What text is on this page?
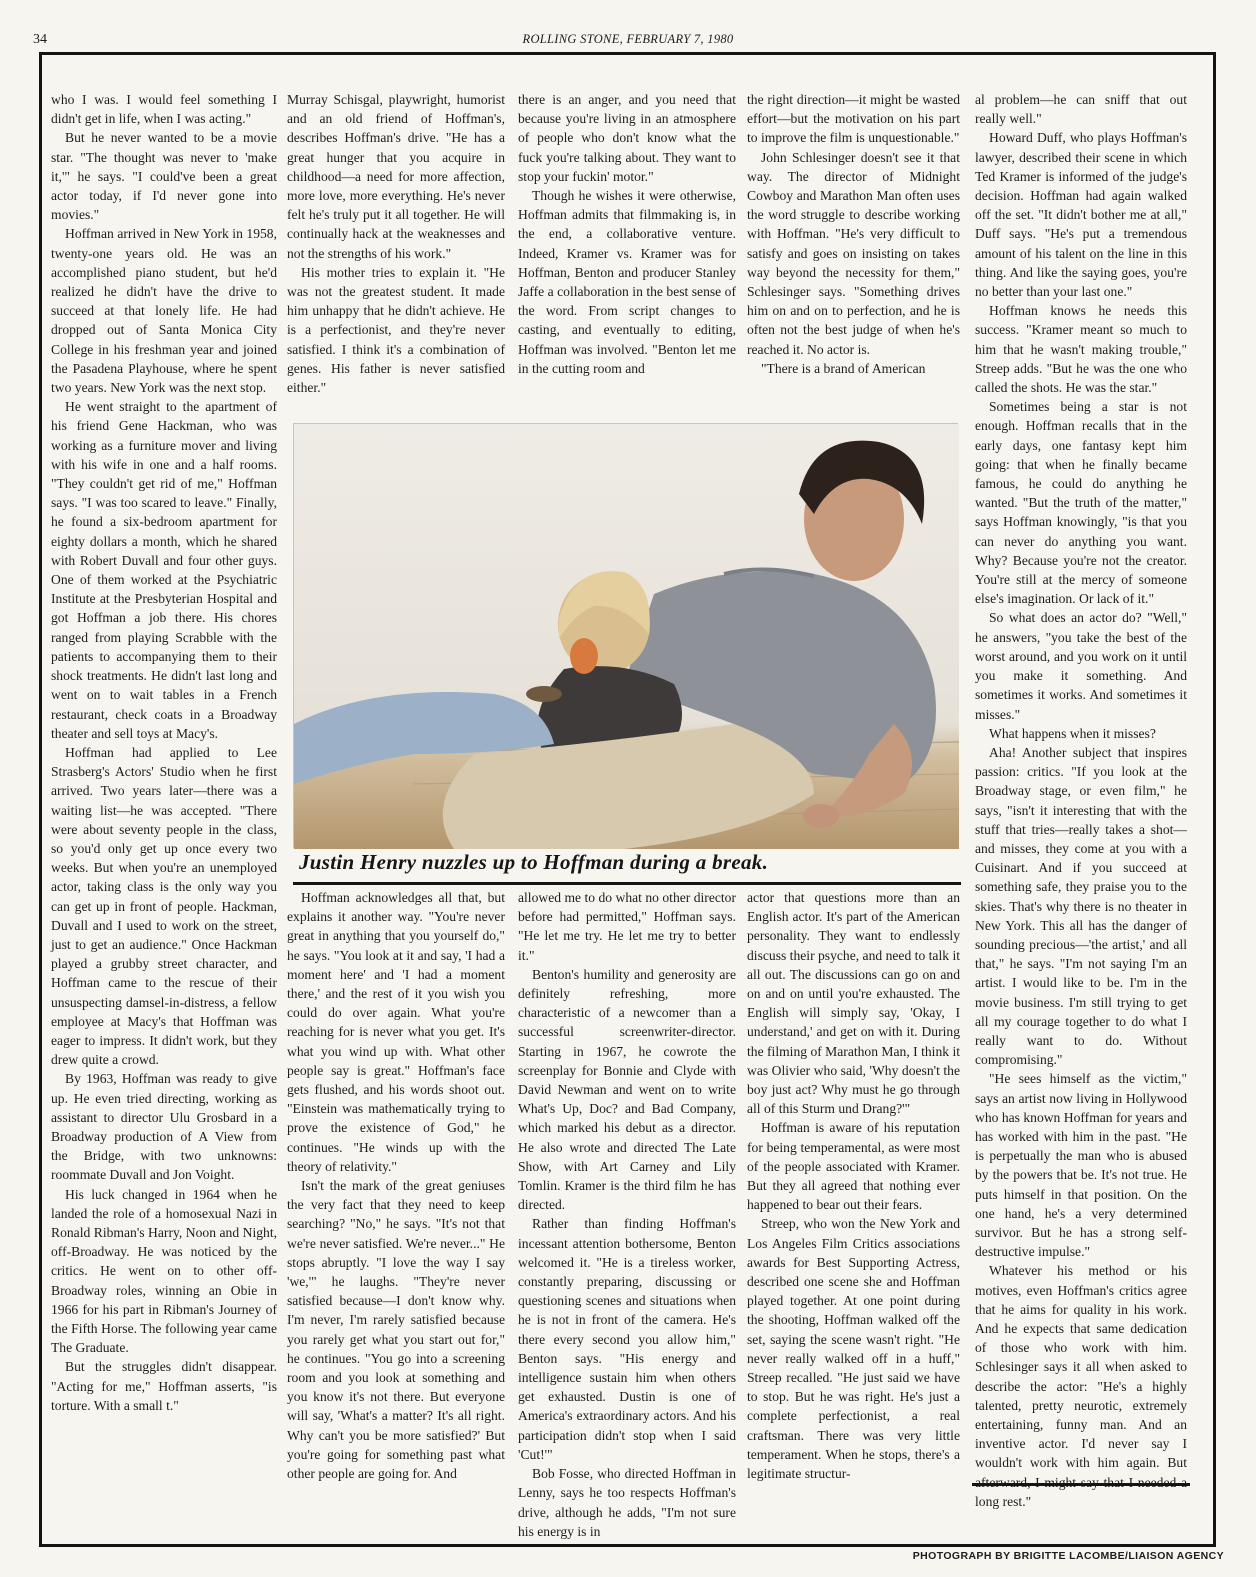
34	ROLLING STONE, FEBRUARY 7, 1980

who I was. I would feel something I didn't get in life, when I was acting."

But he never wanted to be a movie star. "The thought was never to 'make it,'" he says. "I could've been a great actor today, if I'd never gone into movies."

Hoffman arrived in New York in 1958, twenty-one years old. He was an accomplished piano student, but he'd realized he didn't have the drive to succeed at that lonely life. He had dropped out of Santa Monica City College in his freshman year and joined the Pasadena Playhouse, where he spent two years. New York was the next stop.

He went straight to the apartment of his friend Gene Hackman, who was working as a furniture mover and living with his wife in one and a half rooms. "They couldn't get rid of me," Hoffman says. "I was too scared to leave." Finally, he found a six-bedroom apartment for eighty dollars a month, which he shared with Robert Duvall and four other guys. One of them worked at the Psychiatric Institute at the Presbyterian Hospital and got Hoffman a job there. His chores ranged from playing Scrabble with the patients to accompanying them to their shock treatments. He didn't last long and went on to wait tables in a French restaurant, check coats in a Broadway theater and sell toys at Macy's.

Hoffman had applied to Lee Strasberg's Actors' Studio when he first arrived. Two years later—there was a waiting list—he was accepted. "There were about seventy people in the class, so you'd only get up once every two weeks. But when you're an unemployed actor, taking class is the only way you can get up in front of people. Hackman, Duvall and I used to work on the street, just to get an audience." Once Hackman played a grubby street character, and Hoffman came to the rescue of their unsuspecting damsel-in-distress, a fellow employee at Macy's that Hoffman was eager to impress. It didn't work, but they drew quite a crowd.

By 1963, Hoffman was ready to give up. He even tried directing, working as assistant to director Ulu Grosbard in a Broadway production of A View from the Bridge, with two unknowns: roommate Duvall and Jon Voight.

His luck changed in 1964 when he landed the role of a homosexual Nazi in Ronald Ribman's Harry, Noon and Night, off-Broadway. He was noticed by the critics. He went on to other off-Broadway roles, winning an Obie in 1966 for his part in Ribman's Journey of the Fifth Horse. The following year came The Graduate.

But the struggles didn't disappear. "Acting for me," Hoffman asserts, "is torture. With a small t."

Murray Schisgal, playwright, humorist and an old friend of Hoffman's, describes Hoffman's drive. "He has a great hunger that you acquire in childhood—a need for more affection, more love, more everything. He's never felt he's truly put it all together. He will continually hack at the weaknesses and not the strengths of his work."

His mother tries to explain it. "He was not the greatest student. It made him unhappy that he didn't achieve. He is a perfectionist, and they're never satisfied. I think it's a combination of genes. His father is never satisfied either."

there is an anger, and you need that because you're living in an atmosphere of people who don't know what the fuck you're talking about. They want to stop your fuckin' motor."

Though he wishes it were otherwise, Hoffman admits that filmmaking is, in the end, a collaborative venture. Indeed, Kramer vs. Kramer was for Hoffman, Benton and producer Stanley Jaffe a collaboration in the best sense of the word. From script changes to casting, and eventually to editing, Hoffman was involved. "Benton let me in the cutting room and

the right direction—it might be wasted effort—but the motivation on his part to improve the film is unquestionable."

John Schlesinger doesn't see it that way. The director of Midnight Cowboy and Marathon Man often uses the word struggle to describe working with Hoffman. "He's very difficult to satisfy and goes on insisting on takes way beyond the necessity for them," Schlesinger says. "Something drives him on and on to perfection, and he is often not the best judge of when he's reached it. No actor is.

"There is a brand of American

al problem—he can sniff that out really well."

Howard Duff, who plays Hoffman's lawyer, described their scene in which Ted Kramer is informed of the judge's decision. Hoffman had again walked off the set. "It didn't bother me at all," Duff says. "He's put a tremendous amount of his talent on the line in this thing. And like the saying goes, you're no better than your last one."

Hoffman knows he needs this success. "Kramer meant so much to him that he wasn't making trouble," Streep adds. "But he was the one who called the shots. He was the star."

Sometimes being a star is not enough. Hoffman recalls that in the early days, one fantasy kept him going: that when he finally became famous, he could do anything he wanted. "But the truth of the matter," says Hoffman knowingly, "is that you can never do anything you want. Why? Because you're not the creator. You're still at the mercy of someone else's imagination. Or lack of it."

So what does an actor do? "Well," he answers, "you take the best of the worst around, and you work on it until you make it something. And sometimes it works. And sometimes it misses."

What happens when it misses?

Aha! Another subject that inspires passion: critics. "If you look at the Broadway stage, or even film," he says, "isn't it interesting that with the stuff that tries—really takes a shot—and misses, they come at you with a Cuisinart. And if you succeed at something safe, they praise you to the skies. That's why there is no theater in New York. This all has the danger of sounding precious—'the artist,' and all that," he says. "I'm not saying I'm an artist. I would like to be. I'm in the movie business. I'm still trying to get all my courage together to do what I really want to do. Without compromising."

"He sees himself as the victim," says an artist now living in Hollywood who has known Hoffman for years and has worked with him in the past. "He is perpetually the man who is abused by the powers that be. It's not true. He puts himself in that position. On the one hand, he's a very determined survivor. But he has a strong self-destructive impulse."

Whatever his method or his motives, even Hoffman's critics agree that he aims for quality in his work. And he expects that same dedication of those who work with him. Schlesinger says it all when asked to describe the actor: "He's a highly talented, pretty neurotic, extremely entertaining, funny man. And an inventive actor. I'd never say I wouldn't work with him again. But long rest."

Justin Henry nuzzles up to Hoffman during a break.

Hoffman acknowledges all that, but explains it another way. "You're never great in anything that you yourself do," he says. "You look at it and say, 'I had a moment here' and 'I had a moment there,' and the rest of it you wish you could do over again. What you're reaching for is never what you get. It's what you wind up with. What other people say is great." Hoffman's face gets flushed, and his words shoot out. "Einstein was mathematically trying to prove the existence of God," he continues. "He winds up with the theory of relativity."

Isn't the mark of the great geniuses the very fact that they need to keep searching? "No," he says. "It's not that we're never satisfied. We're never..." He stops abruptly. "I love the way I say 'we,'" he laughs. "They're never satisfied because—I don't know why. I'm never, I'm rarely satisfied because you rarely get what you start out for," he continues. "You go into a screening room and you look at something and you know it's not there. But everyone will say, 'What's a matter? It's all right. Why can't you be more satisfied?' But you're going for something past what other people are going for. And

allowed me to do what no other director before had permitted," Hoffman says. "He let me try. He let me try to better it."

Benton's humility and generosity are definitely refreshing, more characteristic of a newcomer than a successful screenwriter-director. Starting in 1967, he cowrote the screenplay for Bonnie and Clyde with David Newman and went on to write What's Up, Doc? and Bad Company, which marked his debut as a director. He also wrote and directed The Late Show, with Art Carney and Lily Tomlin. Kramer is the third film he has directed.

Rather than finding Hoffman's incessant attention bothersome, Benton welcomed it. "He is a tireless worker, constantly preparing, discussing or questioning scenes and situations when he is not in front of the camera. He's there every second you allow him," Benton says. "His energy and intelligence sustain him when others get exhausted. Dustin is one of America's extraordinary actors. And his participation didn't stop when I said 'Cut!'"

Bob Fosse, who directed Hoffman in Lenny, says he too respects Hoffman's drive, although he adds, "I'm not sure his energy is in

actor that questions more than an English actor. It's part of the American personality. They want to endlessly discuss their psyche, and need to talk it all out. The discussions can go on and on and on until you're exhausted. The English will simply say, 'Okay, I understand,' and get on with it. During the filming of Marathon Man, I think it was Olivier who said, 'Why doesn't the boy just act? Why must he go through all of this Sturm und Drang?'"

Hoffman is aware of his reputation for being temperamental, as were most of the people associated with Kramer. But they all agreed that nothing ever happened to bear out their fears.

Streep, who won the New York and Los Angeles Film Critics associations awards for Best Supporting Actress, described one scene she and Hoffman played together. At one point during the shooting, Hoffman walked off the set, saying the scene wasn't right. "He never really walked off in a huff," Streep recalled. "He just said we have to stop. But he was right. He's just a complete perfectionist, a real craftsman. There was very little temperament. When he stops, there's a legitimate structur-

PHOTOGRAPH BY BRIGITTE LACOMBE/LIAISON AGENCY
